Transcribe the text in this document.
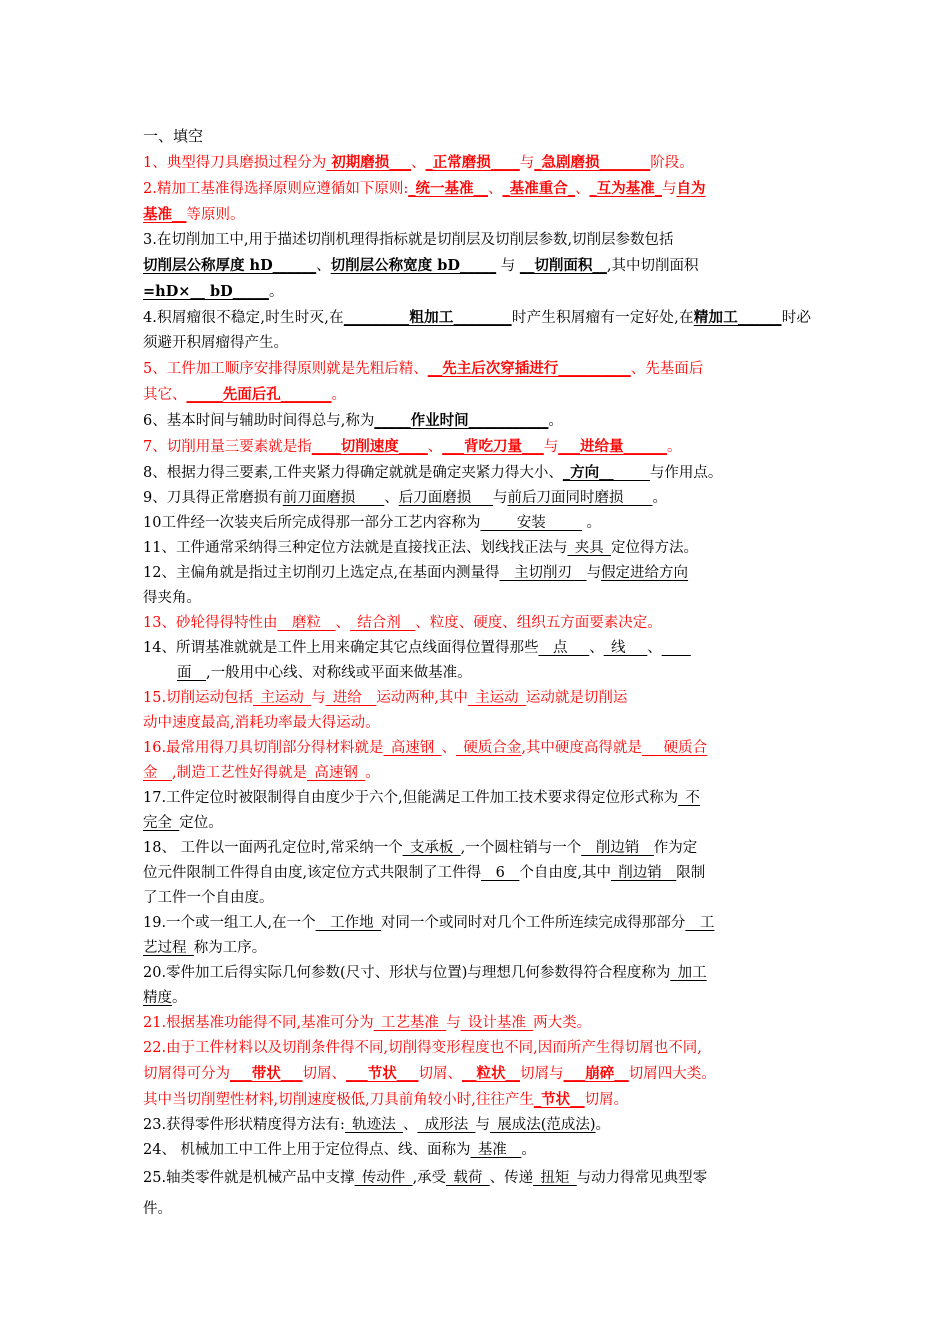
一、填空

1、典型得刀具磨损过程分为 初期磨损___、_正常磨损____与_急剧磨损_______阶段。

2.精加工基准得选择原则应遵循如下原则:_统一基准__、_基准重合_、_互为基准_与自为
基准__等原则。

3.在切削加工中,用于描述切削机理得指标就是切削层及切削层参数,切削层参数包括
切削层公称厚度 hD______、切削层公称宽度 bD_____ 与 __切削面积__,其中切削面积
=hD×__ bD_____。

4.积屑瘤很不稳定,时生时灭,在_________粗加工________时产生积屑瘤有一定好处,在精加工______时必须避开积屑瘤得产生。

5、工件加工顺序安排得原则就是先粗后精、__先主后次穿插进行__________、先基面后
其它、_____先面后孔_______。

6、基本时间与辅助时间得总与,称为_____作业时间___________。

7、切削用量三要素就是指____切削速度____、___背吃刀量___与___进给量______。

8、根据力得三要素,工件夹紧力得确定就就是确定夹紧力得大小、_方向_______与作用点。

9、刀具得正常磨损有前刀面磨损____、后刀面磨损___与前后刀面同时磨损____。

10工件经一次装夹后所完成得那一部分工艺内容称为_____安装_____ 。

11、工件通常采纳得三种定位方法就是直接找正法、划线找正法与_夹具_定位得方法。

12、主偏角就是指过主切削刃上选定点,在基面内测量得__主切削刃__与假定进给方向
得夹角。

13、砂轮得得特性由__磨粒__、_结合剂__、粒度、硬度、组织五方面要素决定。

14、所谓基准就就是工件上用来确定其它点线面得位置得那些__点___、_线___、____
面__,一般用中心线、对称线或平面来做基准。

15.切削运动包括_主运动_与_进给__运动两种,其中_主运动_运动就是切削运
动中速度最高,消耗功率最大得运动。

16.最常用得刀具切削部分得材料就是_高速钢_、_硬质合金,其中硬度高得就是___硬质合
金__,制造工艺性好得就是_高速钢_。

17.工件定位时被限制得自由度少于六个,但能满足工件加工技术要求得定位形式称为_不
完全_定位。

18、 工件以一面两孔定位时,常采纳一个_支承板_,一个圆柱销与一个__削边销__作为定
位元件限制工件得自由度,该定位方式共限制了工件得__6__个自由度,其中_削边销__限制
了工件一个自由度。

19.一个或一组工人,在一个__工作地_对同一个或同时对几个工件所连续完成得那部分__工
艺过程_称为工序。

20.零件加工后得实际几何参数(尺寸、形状与位置)与理想几何参数得符合程度称为_加工
精度。

21.根据基准功能得不同,基准可分为_工艺基准_与_设计基准_两大类。

22.由于工件材料以及切削条件得不同,切削得变形程度也不同,因而所产生得切屑也不同,
切屑得可分为___带状___切屑、___节状___切屑、__粒状__切屑与___崩碎__切屑四大类。
其中当切削塑性材料,切削速度极低,刀具前角较小时,往往产生_节状__切屑。

23.获得零件形状精度得方法有:_轨迹法_、_成形法_与_展成法(范成法)。

24、 机械加工中工件上用于定位得点、线、面称为_基准__。

25.轴类零件就是机械产品中支撑_传动件_,承受_载荷_、传递_扭矩_与动力得常见典型零
件。
